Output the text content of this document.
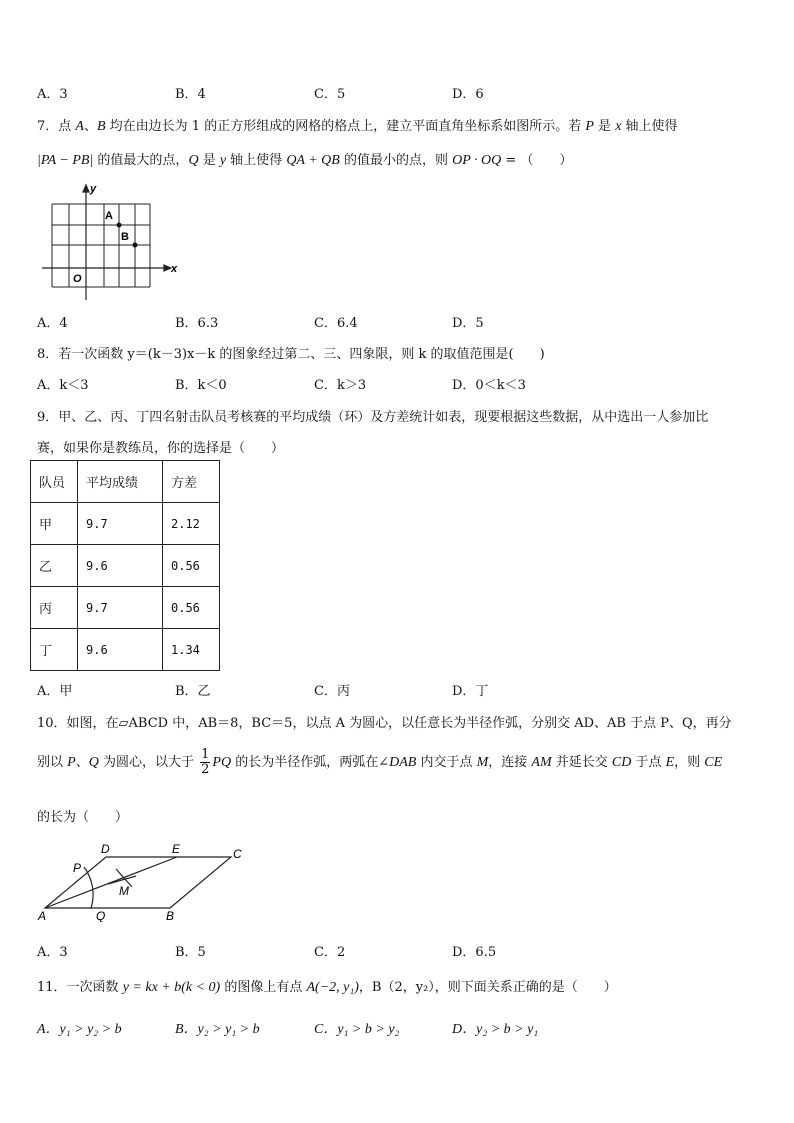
A．3	B．4	C．5	D．6
7．点 A、B 均在由边长为 1 的正方形组成的网格的格点上，建立平面直角坐标系如图所示。若 P 是 x 轴上使得
|PA − PB| 的值最大的点，Q 是 y 轴上使得 QA + QB 的值最小的点，则 OP · OQ = （　　）
y
x
A
B
O
A．4	B．6.3	C．6.4	D．5
8．若一次函数 y＝(k－3)x－k 的图象经过第二、三、四象限，则 k 的取值范围是(　　)
A．k＜3	B．k＜0	C．k＞3	D．0＜k＜3
9．甲、乙、丙、丁四名射击队员考核赛的平均成绩（环）及方差统计如表，现要根据这些数据，从中选出一人参加比
赛，如果你是教练员，你的选择是（　　）
队员	平均成绩	方差
甲	9.7	2.12
乙	9.6	0.56
丙	9.7	0.56
丁	9.6	1.34
A．甲	B．乙	C．丙	D．丁
10．如图，在▱ABCD 中，AB＝8，BC＝5，以点 A 为圆心，以任意长为半径作弧，分别交 AD、AB 于点 P、Q，再分
别以 P、Q 为圆心，以大于 $\frac{1}{2}$ PQ 的长为半径作弧，两弧在∠DAB 内交于点 M，连接 AM 并延长交 CD 于点 E，则 CE
的长为（　　）
D	E	C
P
M
A	Q	B
A．3	B．5	C．2	D．6.5
11．一次函数 y = kx + b(k < 0) 的图像上有点 A(−2, y₁)，B（2，y₂），则下面关系正确的是（　　）
A．y₁ > y₂ > b	B．y₂ > y₁ > b	C．y₁ > b > y₂	D．y₂ > b > y₁
